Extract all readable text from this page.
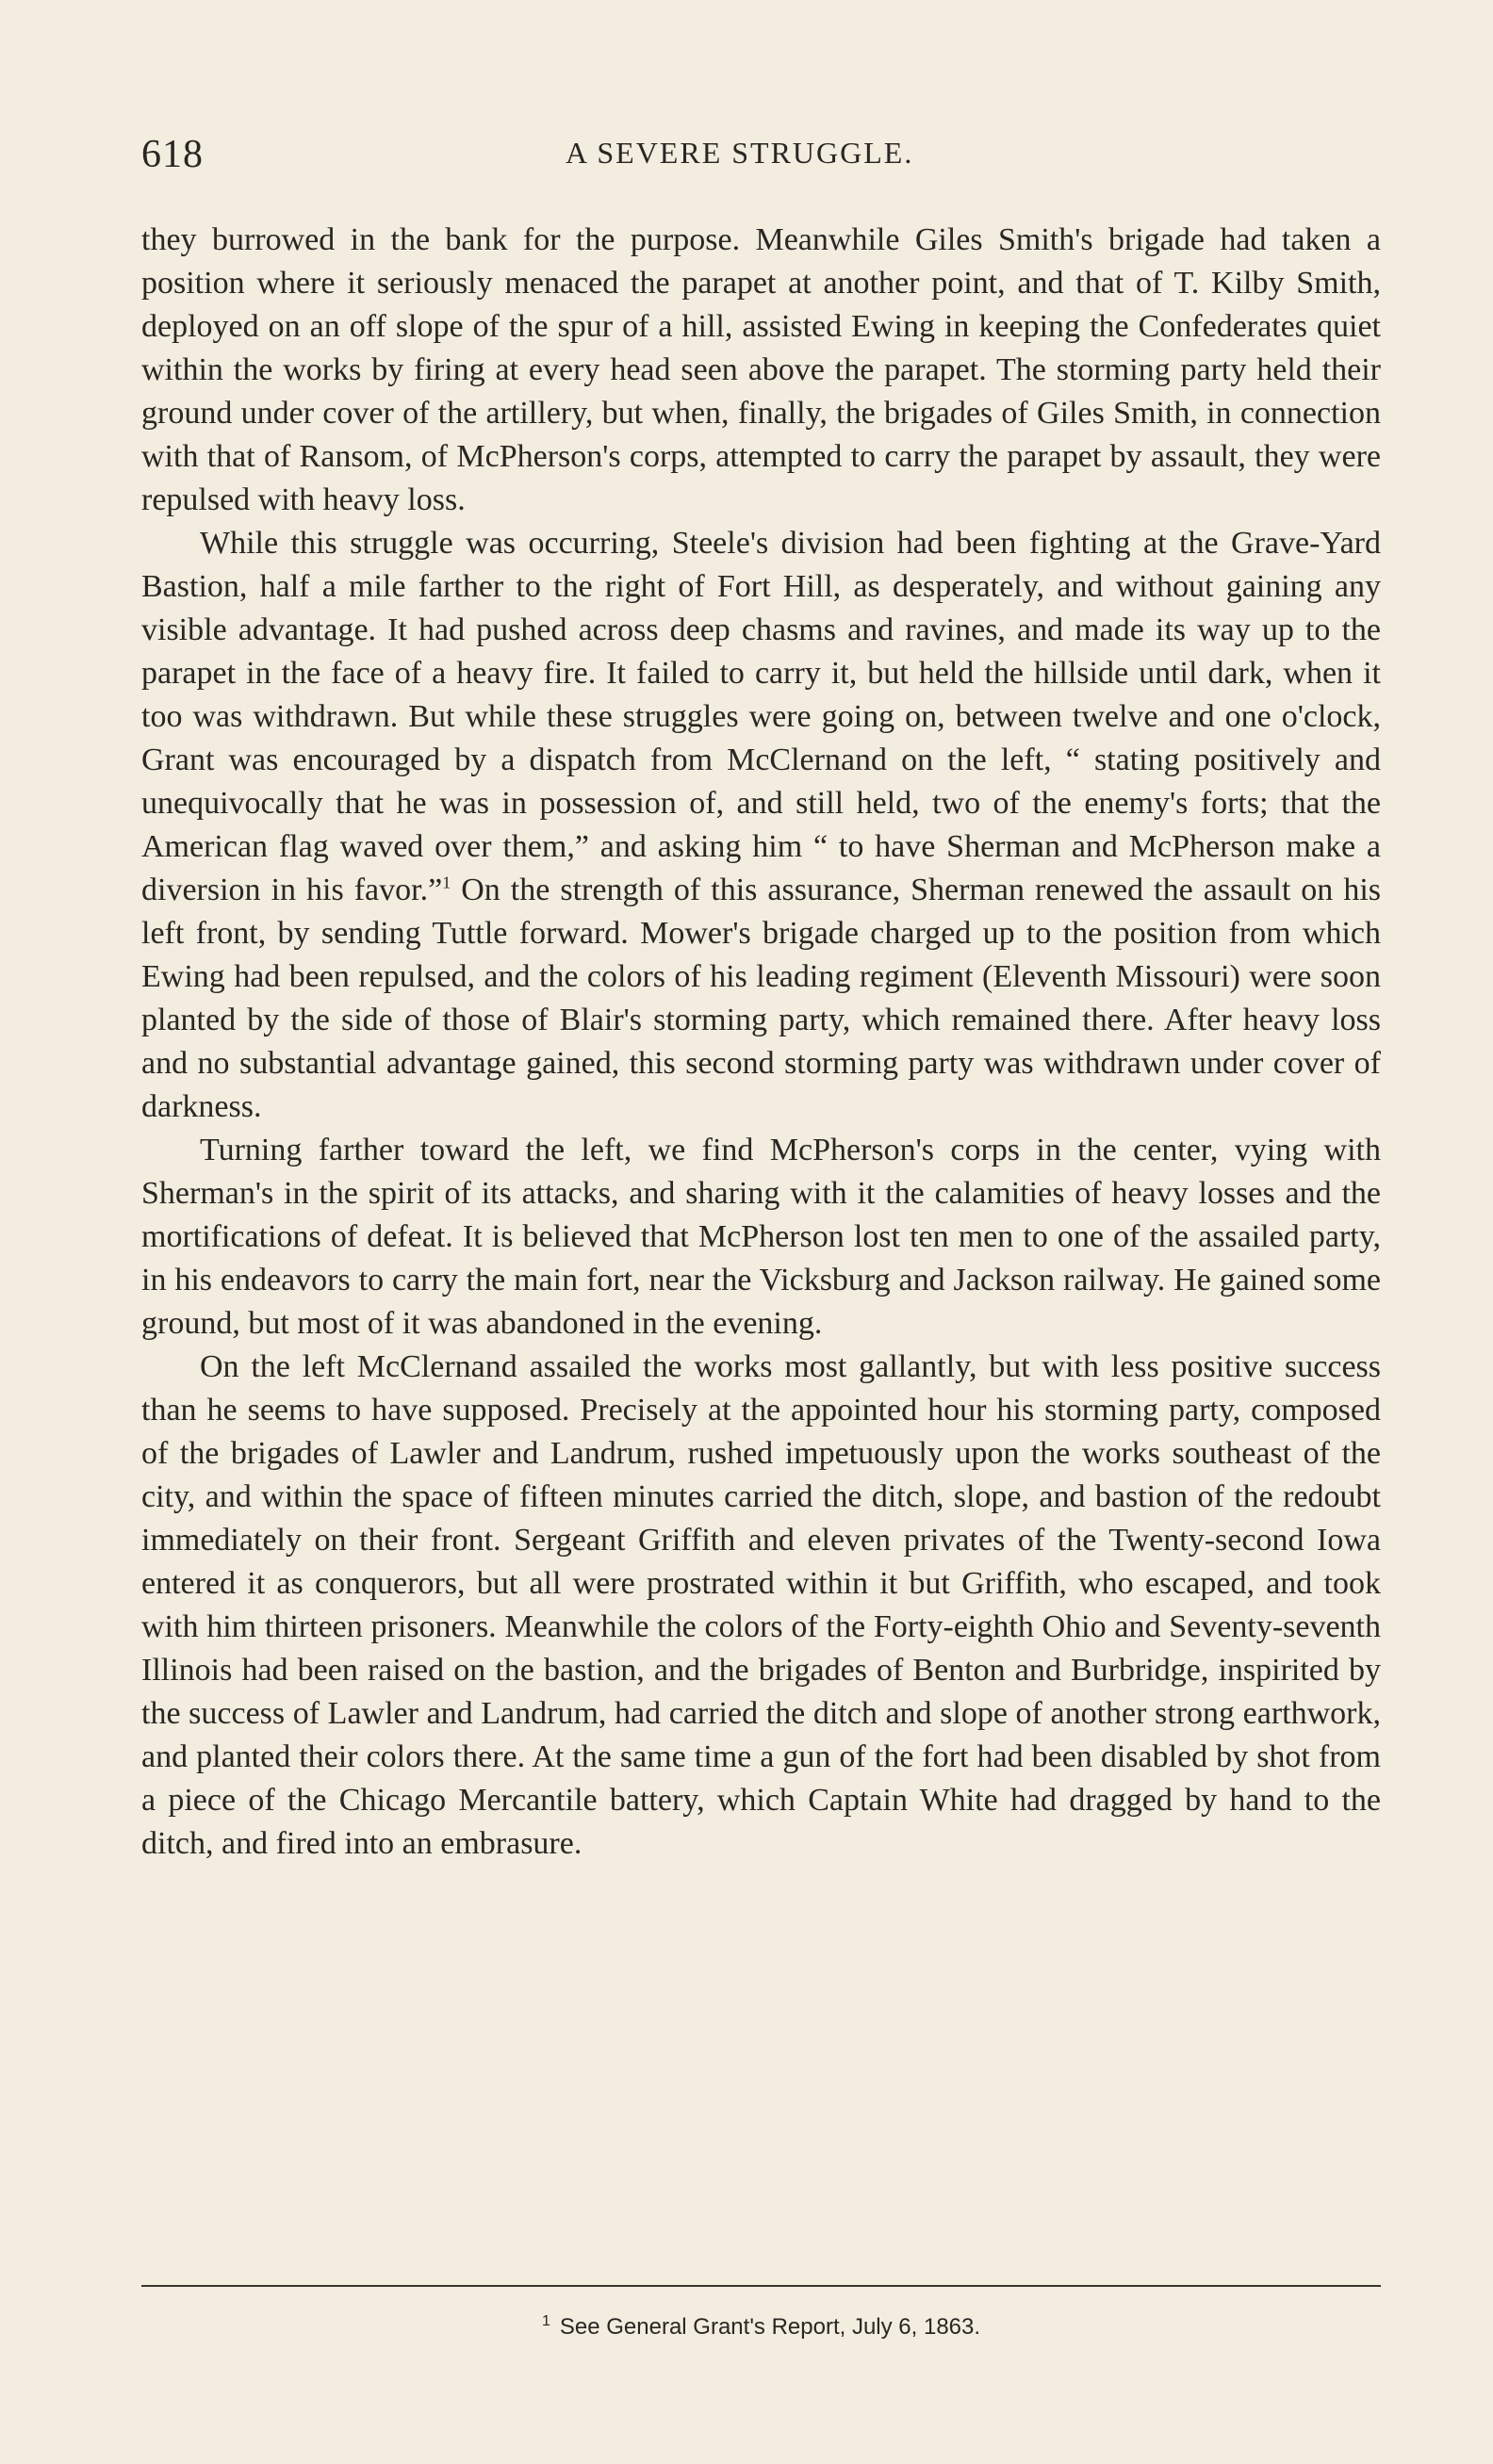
618	A SEVERE STRUGGLE.

they burrowed in the bank for the purpose. Meanwhile Giles Smith's brigade had taken a position where it seriously menaced the parapet at another point, and that of T. Kilby Smith, deployed on an off slope of the spur of a hill, assisted Ewing in keeping the Confederates quiet within the works by firing at every head seen above the parapet. The storming party held their ground under cover of the artillery, but when, finally, the brigades of Giles Smith, in connection with that of Ransom, of McPherson's corps, attempted to carry the parapet by assault, they were repulsed with heavy loss.

While this struggle was occurring, Steele's division had been fighting at the Grave-Yard Bastion, half a mile farther to the right of Fort Hill, as desperately, and without gaining any visible advantage. It had pushed across deep chasms and ravines, and made its way up to the parapet in the face of a heavy fire. It failed to carry it, but held the hillside until dark, when it too was withdrawn. But while these struggles were going on, between twelve and one o'clock, Grant was encouraged by a dispatch from McClernand on the left, “ stating positively and unequivocally that he was in possession of, and still held, two of the enemy's forts; that the American flag waved over them,” and asking him “ to have Sherman and McPherson make a diversion in his favor.”$^1$ On the strength of this assurance, Sherman renewed the assault on his left front, by sending Tuttle forward. Mower's brigade charged up to the position from which Ewing had been repulsed, and the colors of his leading regiment (Eleventh Missouri) were soon planted by the side of those of Blair's storming party, which remained there. After heavy loss and no substantial advantage gained, this second storming party was withdrawn under cover of darkness.

Turning farther toward the left, we find McPherson's corps in the center, vying with Sherman's in the spirit of its attacks, and sharing with it the calamities of heavy losses and the mortifications of defeat. It is believed that McPherson lost ten men to one of the assailed party, in his endeavors to carry the main fort, near the Vicksburg and Jackson railway. He gained some ground, but most of it was abandoned in the evening.

On the left McClernand assailed the works most gallantly, but with less positive success than he seems to have supposed. Precisely at the appointed hour his storming party, composed of the brigades of Lawler and Landrum, rushed impetuously upon the works southeast of the city, and within the space of fifteen minutes carried the ditch, slope, and bastion of the redoubt immediately on their front. Sergeant Griffith and eleven privates of the Twenty-second Iowa entered it as conquerors, but all were prostrated within it but Griffith, who escaped, and took with him thirteen prisoners. Meanwhile the colors of the Forty-eighth Ohio and Seventy-seventh Illinois had been raised on the bastion, and the brigades of Benton and Burbridge, inspirited by the success of Lawler and Landrum, had carried the ditch and slope of another strong earthwork, and planted their colors there. At the same time a gun of the fort had been disabled by shot from a piece of the Chicago Mercantile battery, which Captain White had dragged by hand to the ditch, and fired into an embrasure.

$^1$ See General Grant's Report, July 6, 1863.
